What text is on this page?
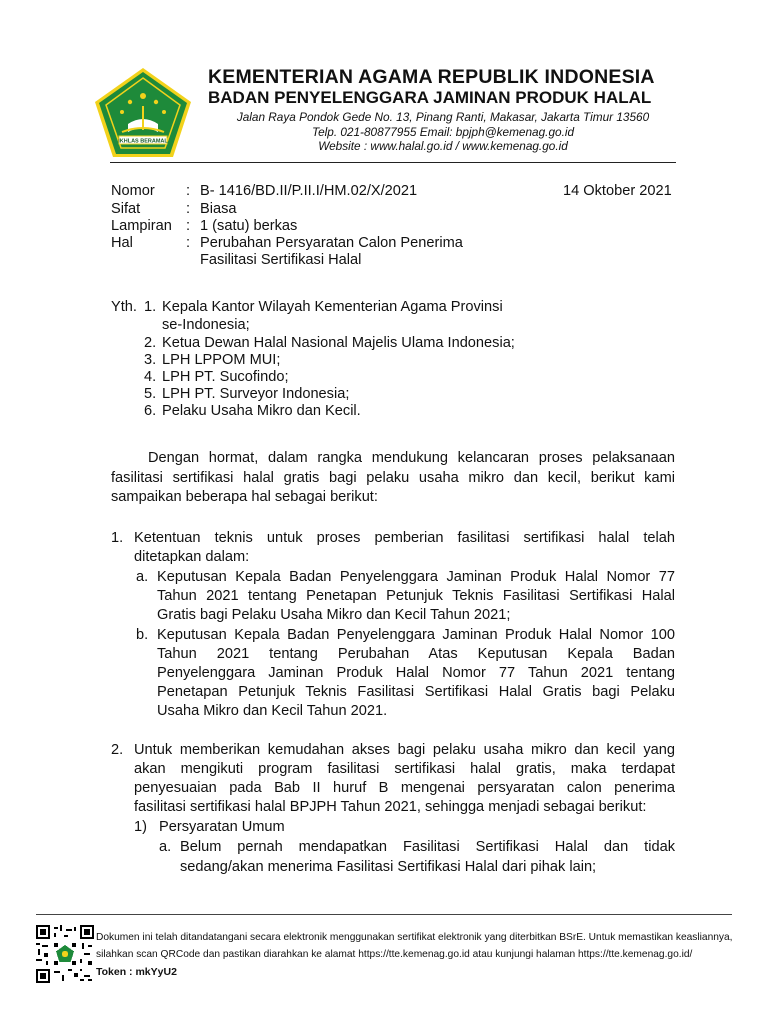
IKHLAS BERAMAL
KEMENTERIAN AGAMA REPUBLIK INDONESIA
BADAN PENYELENGGARA JAMINAN PRODUK HALAL
Jalan Raya Pondok Gede No. 13, Pinang Ranti, Makasar, Jakarta Timur 13560
Telp. 021-80877955 Email: bpjph@kemenag.go.id
Website : www.halal.go.id / www.kemenag.go.id
Nomor	: B- 1416/BD.II/P.II.I/HM.02/X/2021	14 Oktober 2021
Sifat	: Biasa
Lampiran : 1 (satu) berkas
Hal	: Perubahan Persyaratan Calon Penerima
Fasilitasi Sertifikasi Halal
Yth. 1. Kepala Kantor Wilayah Kementerian Agama Provinsi
se-Indonesia;
2. Ketua Dewan Halal Nasional Majelis Ulama Indonesia;
3. LPH LPPOM MUI;
4. LPH PT. Sucofindo;
5. LPH PT. Surveyor Indonesia;
6. Pelaku Usaha Mikro dan Kecil.
Dengan hormat, dalam rangka mendukung kelancaran proses pelaksanaan
fasilitasi sertifikasi halal gratis bagi pelaku usaha mikro dan kecil, berikut kami
sampaikan beberapa hal sebagai berikut:
1. Ketentuan teknis untuk proses pemberian fasilitasi sertifikasi halal telah
ditetapkan dalam:
a. Keputusan Kepala Badan Penyelenggara Jaminan Produk Halal Nomor 77
Tahun 2021 tentang Penetapan Petunjuk Teknis Fasilitasi Sertifikasi Halal
Gratis bagi Pelaku Usaha Mikro dan Kecil Tahun 2021;
b. Keputusan Kepala Badan Penyelenggara Jaminan Produk Halal Nomor 100
Tahun 2021 tentang Perubahan Atas Keputusan Kepala Badan
Penyelenggara Jaminan Produk Halal Nomor 77 Tahun 2021 tentang
Penetapan Petunjuk Teknis Fasilitasi Sertifikasi Halal Gratis bagi Pelaku
Usaha Mikro dan Kecil Tahun 2021.
2. Untuk memberikan kemudahan akses bagi pelaku usaha mikro dan kecil yang
akan mengikuti program fasilitasi sertifikasi halal gratis, maka terdapat
penyesuaian pada Bab II huruf B mengenai persyaratan calon penerima
fasilitasi sertifikasi halal BPJPH Tahun 2021, sehingga menjadi sebagai berikut:
1) Persyaratan Umum
a. Belum pernah mendapatkan Fasilitasi Sertifikasi Halal dan tidak
sedang/akan menerima Fasilitasi Sertifikasi Halal dari pihak lain;
Dokumen ini telah ditandatangani secara elektronik menggunakan sertifikat elektronik yang diterbitkan BSrE. Untuk memastikan keasliannya,
silahkan scan QRCode dan pastikan diarahkan ke alamat https://tte.kemenag.go.id atau kunjungi halaman https://tte.kemenag.go.id/
Token : mkYyU2
